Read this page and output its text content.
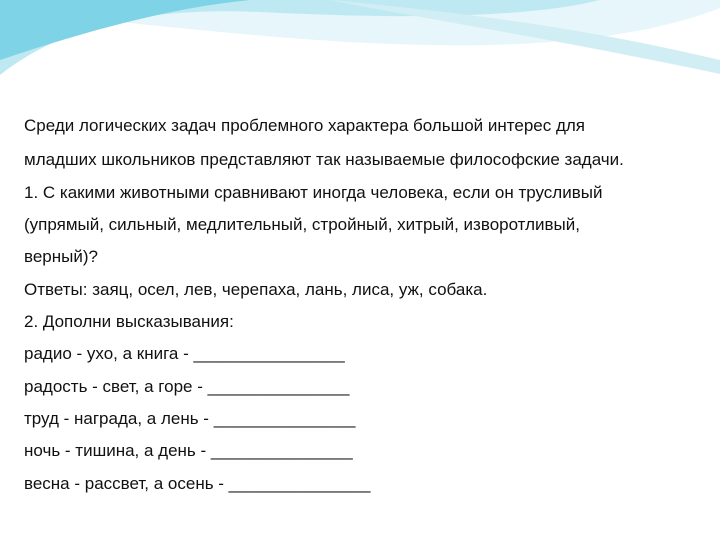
Среди логических задач проблемного характера большой интерес для
младших школьников представляют так называемые философские задачи.
1. С какими животными сравнивают иногда человека, если он трусливый
(упрямый, сильный, медлительный, стройный, хитрый, изворотливый,
верный)?
Ответы: заяц, осел, лев, черепаха, лань, лиса, уж, собака.
2. Дополни высказывания:
радио - ухо, а книга - ________________
радость - свет, а горе - _______________
труд - награда, а лень - _______________
ночь - тишина, а день - _______________
весна - рассвет, а осень - _______________
